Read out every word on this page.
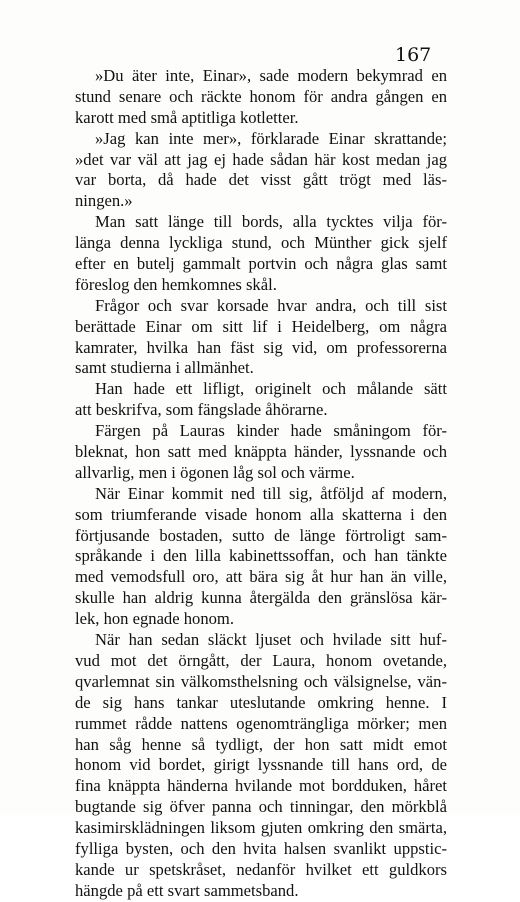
167
»Du äter inte, Einar», sade modern bekymrad en
stund senare och räckte honom för andra gången en
karott med små aptitliga kotletter.
»Jag kan inte mer», förklarade Einar skrattande;
»det var väl att jag ej hade sådan här kost medan jag
var borta, då hade det visst gått trögt med läs-
ningen.»
Man satt länge till bords, alla tycktes vilja för-
länga denna lyckliga stund, och Münther gick sjelf
efter en butelj gammalt portvin och några glas samt
föreslog den hemkomnes skål.
Frågor och svar korsade hvar andra, och till sist
berättade Einar om sitt lif i Heidelberg, om några
kamrater, hvilka han fäst sig vid, om professorerna
samt studierna i allmänhet.
Han hade ett lifligt, originelt och målande sätt
att beskrifva, som fängslade åhörarne.
Färgen på Lauras kinder hade småningom för-
bleknat, hon satt med knäppta händer, lyssnande och
allvarlig, men i ögonen låg sol och värme.
När Einar kommit ned till sig, åtföljd af modern,
som triumferande visade honom alla skatterna i den
förtjusande bostaden, sutto de länge förtroligt sam-
språkande i den lilla kabinettssoffan, och han tänkte
med vemodsfull oro, att bära sig åt hur han än ville,
skulle han aldrig kunna återgälda den gränslösa kär-
lek, hon egnade honom.
När han sedan släckt ljuset och hvilade sitt huf-
vud mot det örngått, der Laura, honom ovetande,
qvarlemnat sin välkomsthelsning och välsignelse, vän-
de sig hans tankar uteslutande omkring henne. I
rummet rådde nattens ogenomträngliga mörker; men
han såg henne så tydligt, der hon satt midt emot
honom vid bordet, girigt lyssnande till hans ord, de
fina knäppta händerna hvilande mot bordduken, håret
bugtande sig öfver panna och tinningar, den mörkblå
kasimirsklädningen liksom gjuten omkring den smärta,
fylliga bysten, och den hvita halsen svanlikt uppstic-
kande ur spetskråset, nedanför hvilket ett guldkors
hängde på ett svart sammetsband.
